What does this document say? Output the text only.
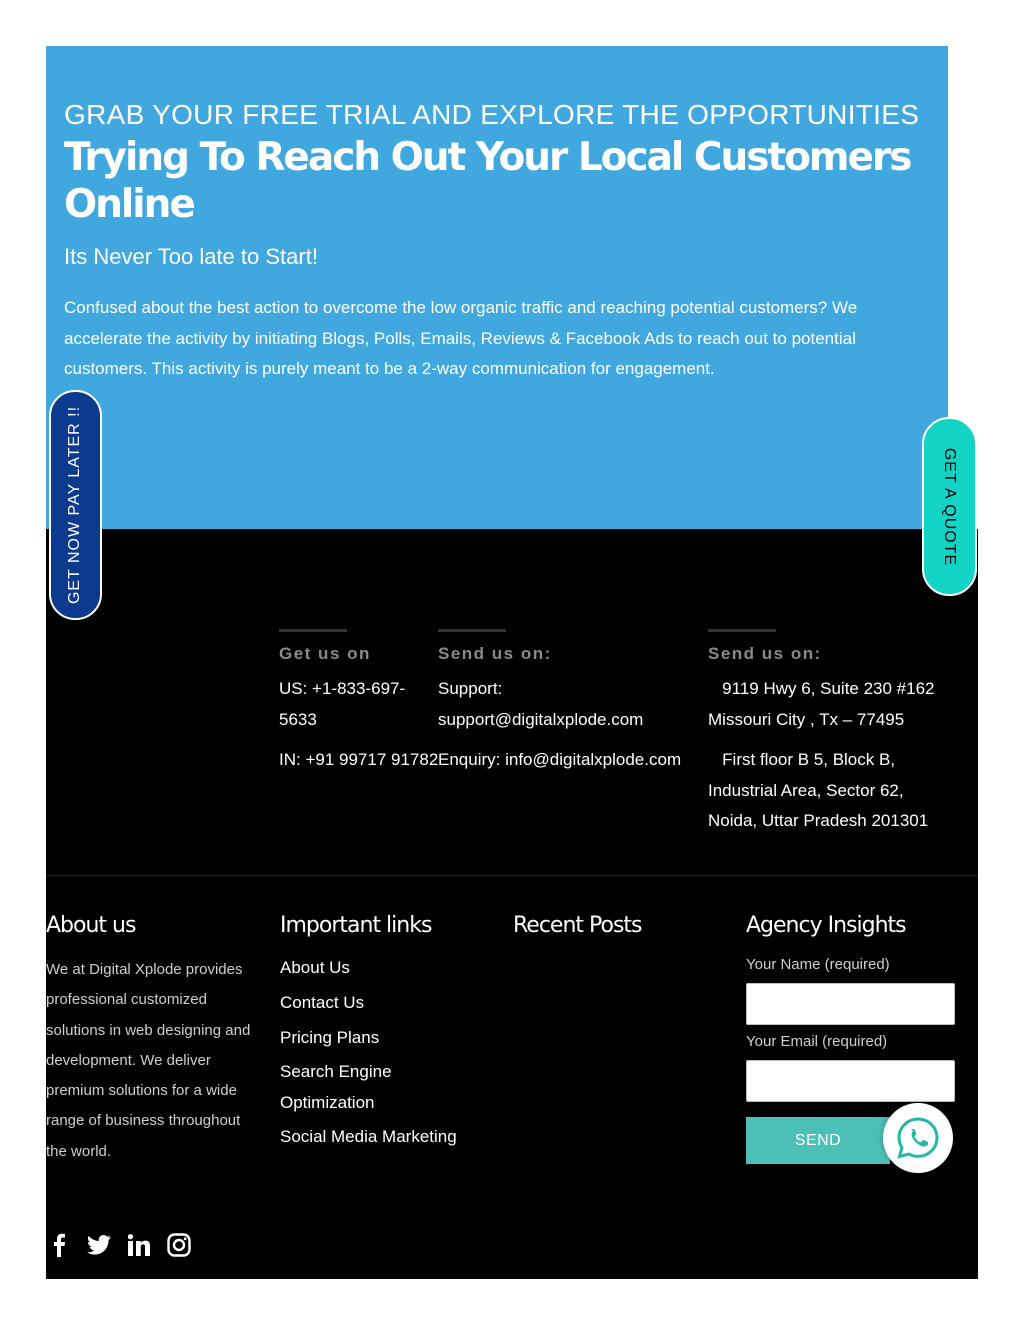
GRAB YOUR FREE TRIAL AND EXPLORE THE OPPORTUNITIES
Trying To Reach Out Your Local Customers Online
Its Never Too late to Start!

Confused about the best action to overcome the low organic traffic and reaching potential customers? We accelerate the activity by initiating Blogs, Polls, Emails, Reviews & Facebook Ads to reach out to potential customers. This activity is purely meant to be a 2-way communication for engagement.

Get us on
US: +1-833-697-
5633
IN: +91 99717 91782
Send us on:
Support:
support@digitalxplode.com
Enquiry: info@digitalxplode.com
Send us on:
9119 Hwy 6, Suite 230 #162
Missouri City , Tx – 77495
First floor B 5, Block B,
Industrial Area, Sector 62,
Noida, Uttar Pradesh 201301
About us

We at Digital Xplode provides professional customized solutions in web designing and development. We deliver premium solutions for a wide range of business throughout the world.

Important links
About Us
Contact Us
Pricing Plans
Search Engine Optimization
Social Media Marketing
Recent Posts	Agency Insights
Your Name (required)
Your Email (required)
SEND
GET NOW PAY LATER !!	GET A QUOTE
